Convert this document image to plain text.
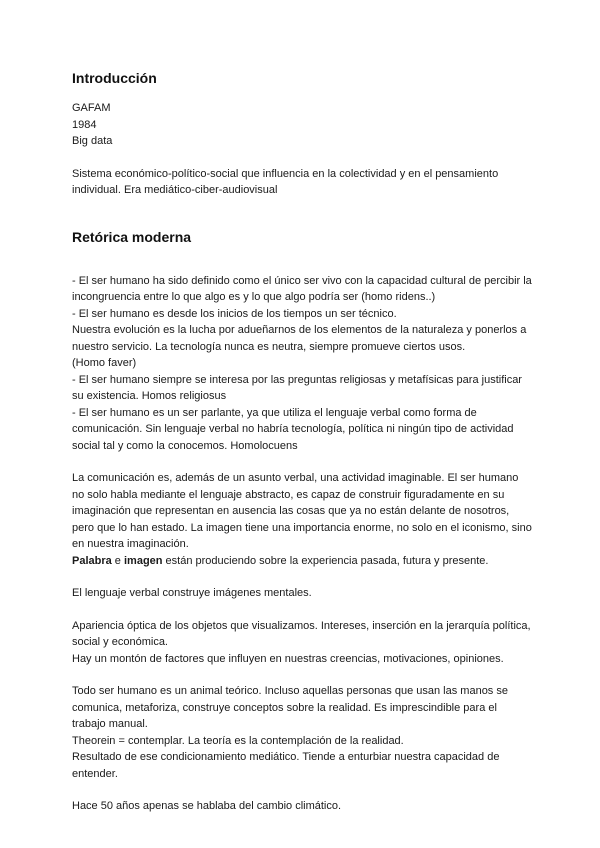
Introducción

GAFAM

1984

Big data

Sistema económico-político-social que influencia en la colectividad y en el pensamiento individual. Era mediático-ciber-audiovisual

Retórica moderna

- El ser humano ha sido definido como el único ser vivo con la capacidad cultural de percibir la incongruencia entre lo que algo es y lo que algo podría ser (homo ridens..)

- El ser humano es desde los inicios de los tiempos un ser técnico.

Nuestra evolución es la lucha por adueñarnos de los elementos de la naturaleza y ponerlos a nuestro servicio. La tecnología nunca es neutra, siempre promueve ciertos usos.

(Homo faver)

- El ser humano siempre se interesa por las preguntas religiosas y metafísicas para justificar su existencia. Homos religiosus

- El ser humano es un ser parlante, ya que utiliza el lenguaje verbal como forma de comunicación. Sin lenguaje verbal no habría tecnología, política ni ningún tipo de actividad social tal y como la conocemos. Homolocuens

La comunicación es, además de un asunto verbal, una actividad imaginable. El ser humano no solo habla mediante el lenguaje abstracto, es capaz de construir figuradamente en su imaginación que representan en ausencia las cosas que ya no están delante de nosotros, pero que lo han estado. La imagen tiene una importancia enorme, no solo en el iconismo, sino en nuestra imaginación.

Palabra e imagen están produciendo sobre la experiencia pasada, futura y presente.

El lenguaje verbal construye imágenes mentales.

Apariencia óptica de los objetos que visualizamos. Intereses, inserción en la jerarquía política, social y económica.

Hay un montón de factores que influyen en nuestras creencias, motivaciones, opiniones.

Todo ser humano es un animal teórico. Incluso aquellas personas que usan las manos se comunica, metaforiza, construye conceptos sobre la realidad. Es imprescindible para el trabajo manual.

Theorein = contemplar. La teoría es la contemplación de la realidad.

Resultado de ese condicionamiento mediático. Tiende a enturbiar nuestra capacidad de entender.

Hace 50 años apenas se hablaba del cambio climático.
